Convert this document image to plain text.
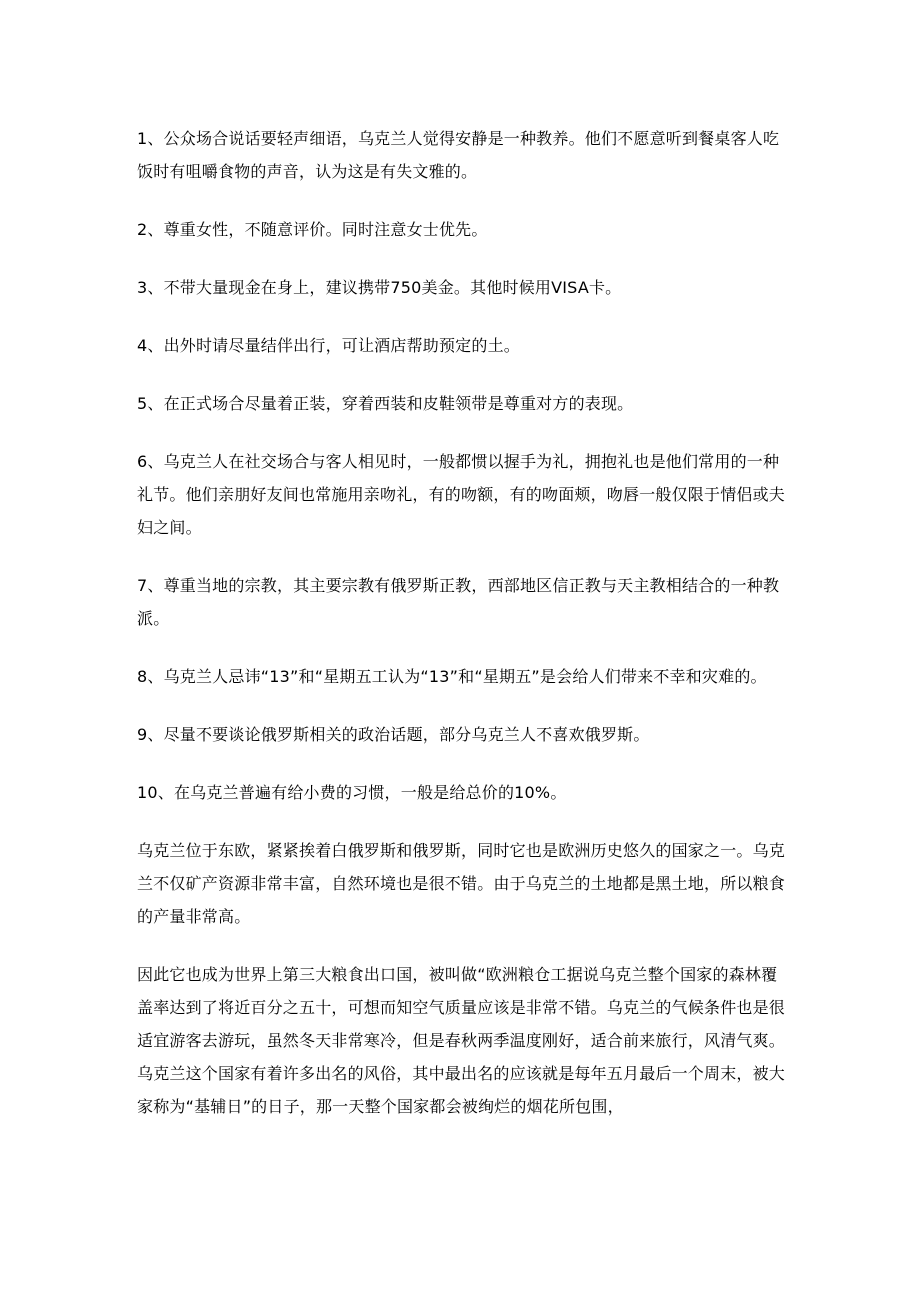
1、公众场合说话要轻声细语，乌克兰人觉得安静是一种教养。他们不愿意听到餐桌客人吃饭时有咀嚼食物的声音，认为这是有失文雅的。

2、尊重女性，不随意评价。同时注意女士优先。

3、不带大量现金在身上，建议携带750美金。其他时候用VISA卡。

4、出外时请尽量结伴出行，可让酒店帮助预定的土。

5、在正式场合尽量着正装，穿着西装和皮鞋领带是尊重对方的表现。

6、乌克兰人在社交场合与客人相见时，一般都惯以握手为礼，拥抱礼也是他们常用的一种礼节。他们亲朋好友间也常施用亲吻礼，有的吻额，有的吻面颊，吻唇一般仅限于情侣或夫妇之间。

7、尊重当地的宗教，其主要宗教有俄罗斯正教，西部地区信正教与天主教相结合的一种教派。

8、乌克兰人忌讳“13”和“星期五工认为“13”和“星期五”是会给人们带来不幸和灾难的。

9、尽量不要谈论俄罗斯相关的政治话题，部分乌克兰人不喜欢俄罗斯。

10、在乌克兰普遍有给小费的习惯，一般是给总价的10%。

乌克兰位于东欧，紧紧挨着白俄罗斯和俄罗斯，同时它也是欧洲历史悠久的国家之一。乌克兰不仅矿产资源非常丰富，自然环境也是很不错。由于乌克兰的土地都是黑土地，所以粮食的产量非常高。

因此它也成为世界上第三大粮食出口国，被叫做“欧洲粮仓工据说乌克兰整个国家的森林覆盖率达到了将近百分之五十，可想而知空气质量应该是非常不错。乌克兰的气候条件也是很适宜游客去游玩，虽然冬天非常寒冷，但是春秋两季温度刚好，适合前来旅行，风清气爽。乌克兰这个国家有着许多出名的风俗，其中最出名的应该就是每年五月最后一个周末，被大家称为“基辅日”的日子，那一天整个国家都会被绚烂的烟花所包围，
